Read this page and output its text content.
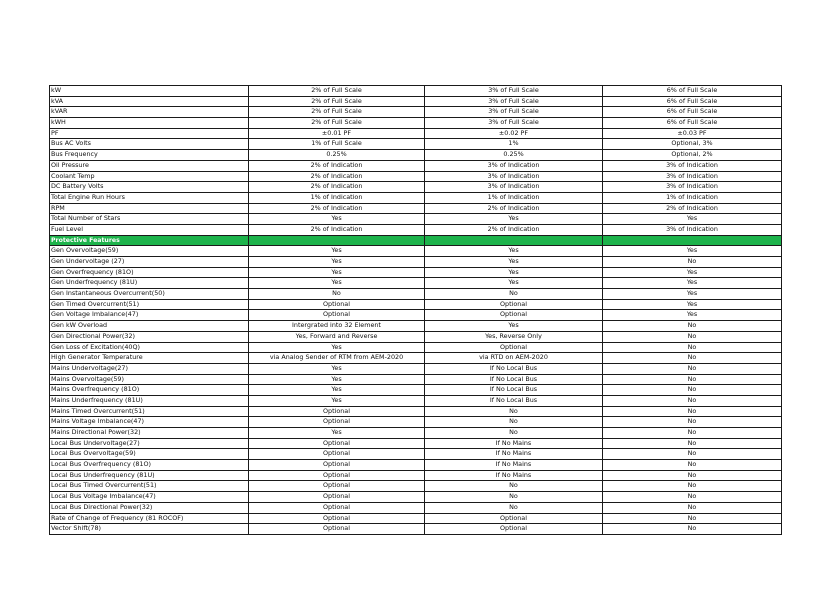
kW	2% of Full Scale	3% of Full Scale	6% of Full Scale
kVA	2% of Full Scale	3% of Full Scale	6% of Full Scale
kVAR	2% of Full Scale	3% of Full Scale	6% of Full Scale
kWH	2% of Full Scale	3% of Full Scale	6% of Full Scale
PF	±0.01 PF	±0.02 PF	±0.03 PF
Bus AC Volts	1% of Full Scale	1%	Optional, 3%
Bus Frequency	0.25%	0.25%	Optional, 2%
Oil Pressure	2% of Indication	3% of Indication	3% of Indication
Coolant Temp	2% of Indication	3% of Indication	3% of Indication
DC Battery Volts	2% of Indication	3% of Indication	3% of Indication
Total Engine Run Hours	1% of Indication	1% of Indication	1% of Indication
RPM	2% of Indication	2% of Indication	2% of Indication
Total Number of Stars	Yes	Yes	Yes
Fuel Level	2% of Indication	2% of Indication	3% of Indication
Protective Features			
Gen Overvoltage(59)	Yes	Yes	Yes
Gen Undervoltage (27)	Yes	Yes	No
Gen Overfrequency (81O)	Yes	Yes	Yes
Gen Underfrequency (81U)	Yes	Yes	Yes
Gen Instantaneous Overcurrent(50)	No	No	Yes
Gen Timed Overcurrent(51)	Optional	Optional	Yes
Gen Voltage Imbalance(47)	Optional	Optional	Yes
Gen kW Overload	Intergrated into 32 Element	Yes	No
Gen Directional Power(32)	Yes, Forward and Reverse	Yes, Reverse Only	No
Gen Loss of Excitation(40Q)	Yes	Optional	No
High Generator Temperature	via Analog Sender of RTM from AEM-2020	via RTD on AEM-2020	No
Mains Undervoltage(27)	Yes	If No Local Bus	No
Mains Overvoltage(59)	Yes	If No Local Bus	No
Mains Overfrequency (81O)	Yes	If No Local Bus	No
Mains Underfrequency (81U)	Yes	If No Local Bus	No
Mains Timed Overcurrent(51)	Optional	No	No
Mains Voltage Imbalance(47)	Optional	No	No
Mains Directional Power(32)	Yes	No	No
Local Bus Undervoltage(27)	Optional	If No Mains	No
Local Bus Overvoltage(59)	Optional	If No Mains	No
Local Bus Overfrequency (81O)	Optional	If No Mains	No
Local Bus Underfrequency (81U)	Optional	If No Mains	No
Local Bus Timed Overcurrent(51)	Optional	No	No
Local Bus Voltage Imbalance(47)	Optional	No	No
Local Bus Directional Power(32)	Optional	No	No
Rate of Change of Frequency (81 ROCOF)	Optional	Optional	No
Vector Shift(78)	Optional	Optional	No
